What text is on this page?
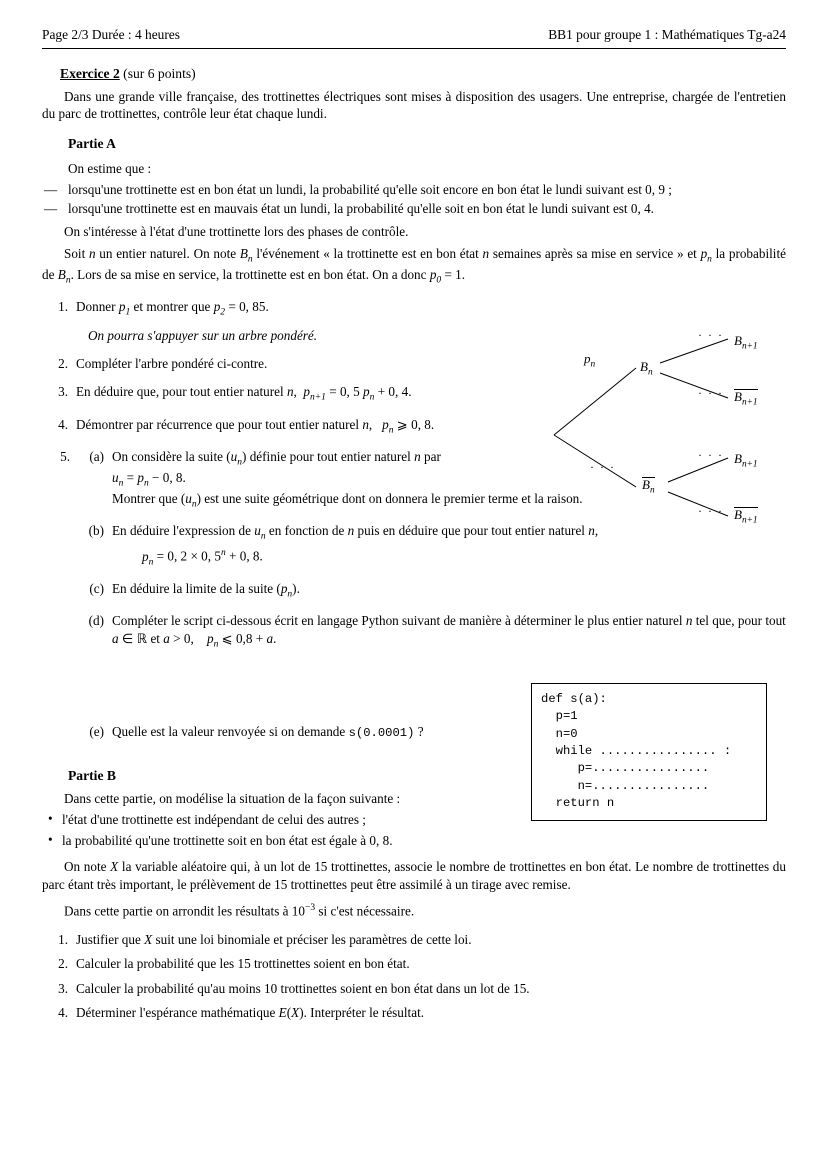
Page 2/3 Durée : 4 heures	BB1 pour groupe 1 : Mathématiques Tg-a24
Exercice 2 (sur 6 points)

Dans une grande ville française, des trottinettes électriques sont mises à disposition des usagers. Une entreprise, chargée de l'entretien du parc de trottinettes, contrôle leur état chaque lundi.

Partie A
On estime que :
— lorsqu'une trottinette est en bon état un lundi, la probabilité qu'elle soit encore en bon état le lundi suivant est 0, 9 ;
— lorsqu'une trottinette est en mauvais état un lundi, la probabilité qu'elle soit en bon état le lundi suivant est 0, 4.

On s'intéresse à l'état d'une trottinette lors des phases de contrôle.

Soit n un entier naturel. On note $B_n$ l'événement « la trottinette est en bon état n semaines après sa mise en service » et $p_n$ la probabilité de $B_n$. Lors de sa mise en service, la trottinette est en bon état. On a donc $p_0 = 1$.

1. Donner $p_1$ et montrer que $p_2 = 0$, 85.
On pourra s'appuyer sur un arbre pondéré.
2. Compléter l'arbre pondéré ci-contre.
3. En déduire que, pour tout entier naturel n,  $p_{n+1} = 0$, 5 $p_n + 0$, 4.
4. Démontrer par récurrence que pour tout entier naturel n,   $p_n$ ⩾ 0, 8.
5.	(a) On considère la suite $(u_n)$ définie pour tout entier naturel n par
$u_n = p_n - 0$, 8.
Montrer que $(u_n)$ est une suite géométrique dont on donnera le premier terme et la raison.
(b) En déduire l'expression de $u_n$ en fonction de n puis en déduire que pour tout entier naturel n,
$p_n = 0$, 2 × 0, $5^n + 0$, 8.
(c) En déduire la limite de la suite $(p_n)$.
(d) Compléter le script ci-dessous écrit en langage Python suivant de manière à déterminer le plus entier naturel n tel que, pour tout a ∈ ℝ et a > 0,    $p_n$ ⩽ 0,8 + a.
(e) Quelle est la valeur renvoyée si on demande s(0.0001) ?
Partie B

Dans cette partie, on modélise la situation de la façon suivante :

• l'état d'une trottinette est indépendant de celui des autres ;
• la probabilité qu'une trottinette soit en bon état est égale à 0, 8.

On note X la variable aléatoire qui, à un lot de 15 trottinettes, associe le nombre de trottinettes en bon état. Le nombre de trottinettes du parc étant très important, le prélèvement de 15 trottinettes peut être assimilé à un tirage avec remise.

Dans cette partie on arrondit les résultats à $10^{-3}$ si c'est nécessaire.

1. Justifier que X suit une loi binomiale et préciser les paramètres de cette loi.
2. Calculer la probabilité que les 15 trottinettes soient en bon état.
3. Calculer la probabilité qu'au moins 10 trottinettes soient en bon état dans un lot de 15.
4. Déterminer l'espérance mathématique E(X). Interpréter le résultat.
$p_n$	$B_n$
$B_n$
$B_{n+1}$
$B_{n+1}$
$B_{n+1}$
$B_{n+1}$
· · ·
· · ·
· · ·
· · ·
· · ·
def s(a):
p=1
n=0
while ................ :
p=................
n=................
return n
